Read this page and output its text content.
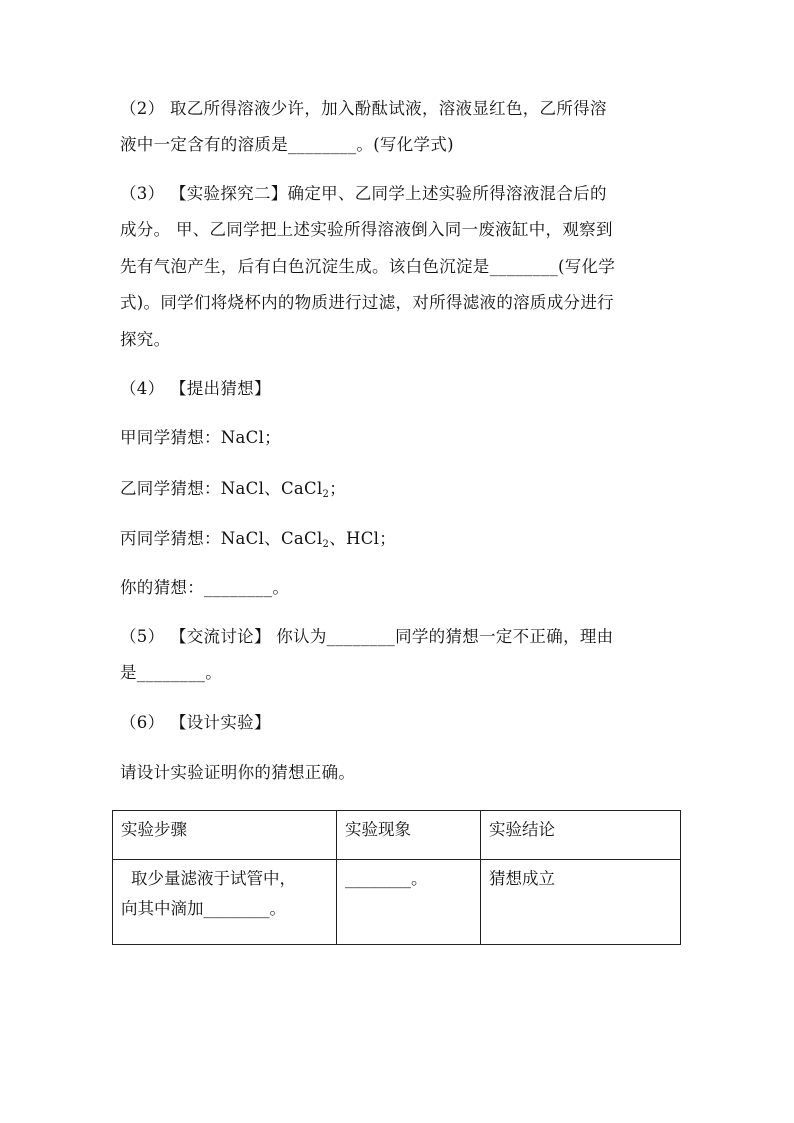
（2） 取乙所得溶液少许，加入酚酞试液，溶液显红色，乙所得溶
液中一定含有的溶质是________。(写化学式)
（3） 【实验探究二】确定甲、乙同学上述实验所得溶液混合后的
成分。 甲、乙同学把上述实验所得溶液倒入同一废液缸中，观察到
先有气泡产生，后有白色沉淀生成。该白色沉淀是________(写化学
式)。同学们将烧杯内的物质进行过滤，对所得滤液的溶质成分进行
探究。
（4） 【提出猜想】
甲同学猜想：NaCl；
乙同学猜想：NaCl、CaCl$_2$；
丙同学猜想：NaCl、CaCl$_2$、HCl；
你的猜想：________。
（5） 【交流讨论】 你认为________同学的猜想一定不正确，理由
是________。
（6） 【设计实验】
请设计实验证明你的猜想正确。
实验步骤	实验现象	实验结论

取少量滤液于试管中，
向其中滴加________。	________。	猜想成立
